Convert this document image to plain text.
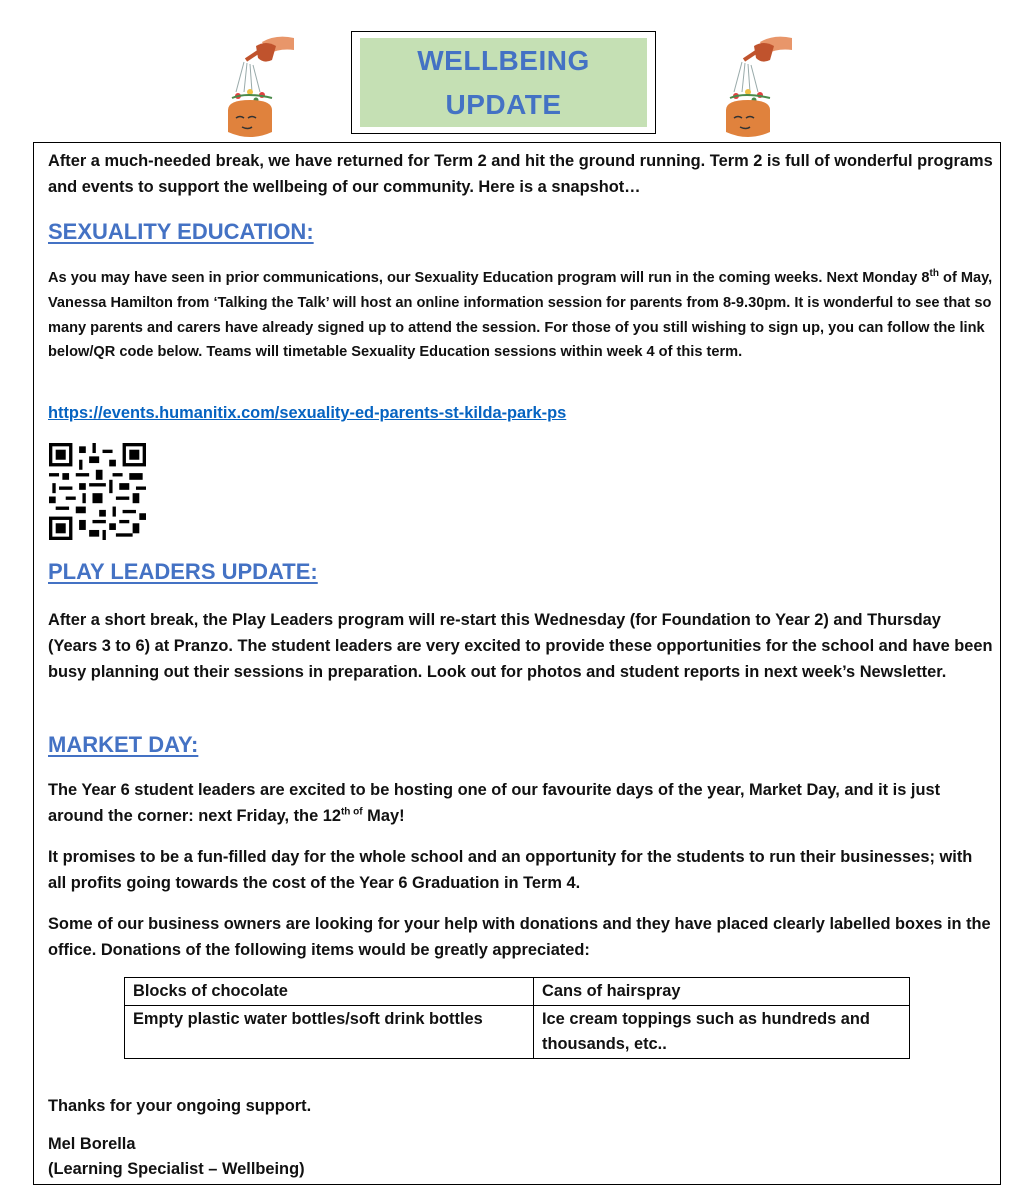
WELLBEING
UPDATE

After a much-needed break, we have returned for Term 2 and hit the ground running. Term 2 is full of wonderful programs and events to support the wellbeing of our community. Here is a snapshot…

SEXUALITY EDUCATION:

As you may have seen in prior communications, our Sexuality Education program will run in the coming weeks. Next Monday 8th of May, Vanessa Hamilton from ‘Talking the Talk’ will host an online information session for parents from 8-9.30pm. It is wonderful to see that so many parents and carers have already signed up to attend the session. For those of you still wishing to sign up, you can follow the link below/QR code below. Teams will timetable Sexuality Education sessions within week 4 of this term.

https://events.humanitix.com/sexuality-ed-parents-st-kilda-park-ps
PLAY LEADERS UPDATE:

After a short break, the Play Leaders program will re-start this Wednesday (for Foundation to Year 2) and Thursday (Years 3 to 6) at Pranzo. The student leaders are very excited to provide these opportunities for the school and have been busy planning out their sessions in preparation. Look out for photos and student reports in next week’s Newsletter.

MARKET DAY:

The Year 6 student leaders are excited to be hosting one of our favourite days of the year, Market Day, and it is just around the corner: next Friday, the $12^{th of}$ May!

It promises to be a fun-filled day for the whole school and an opportunity for the students to run their businesses; with all profits going towards the cost of the Year 6 Graduation in Term 4.

Some of our business owners are looking for your help with donations and they have placed clearly labelled boxes in the office. Donations of the following items would be greatly appreciated:

Blocks of chocolate	Cans of hairspray
Empty plastic water bottles/soft drink bottles	Ice cream toppings such as hundreds and thousands, etc..

Thanks for your ongoing support.

Mel Borella

(Learning Specialist – Wellbeing)
